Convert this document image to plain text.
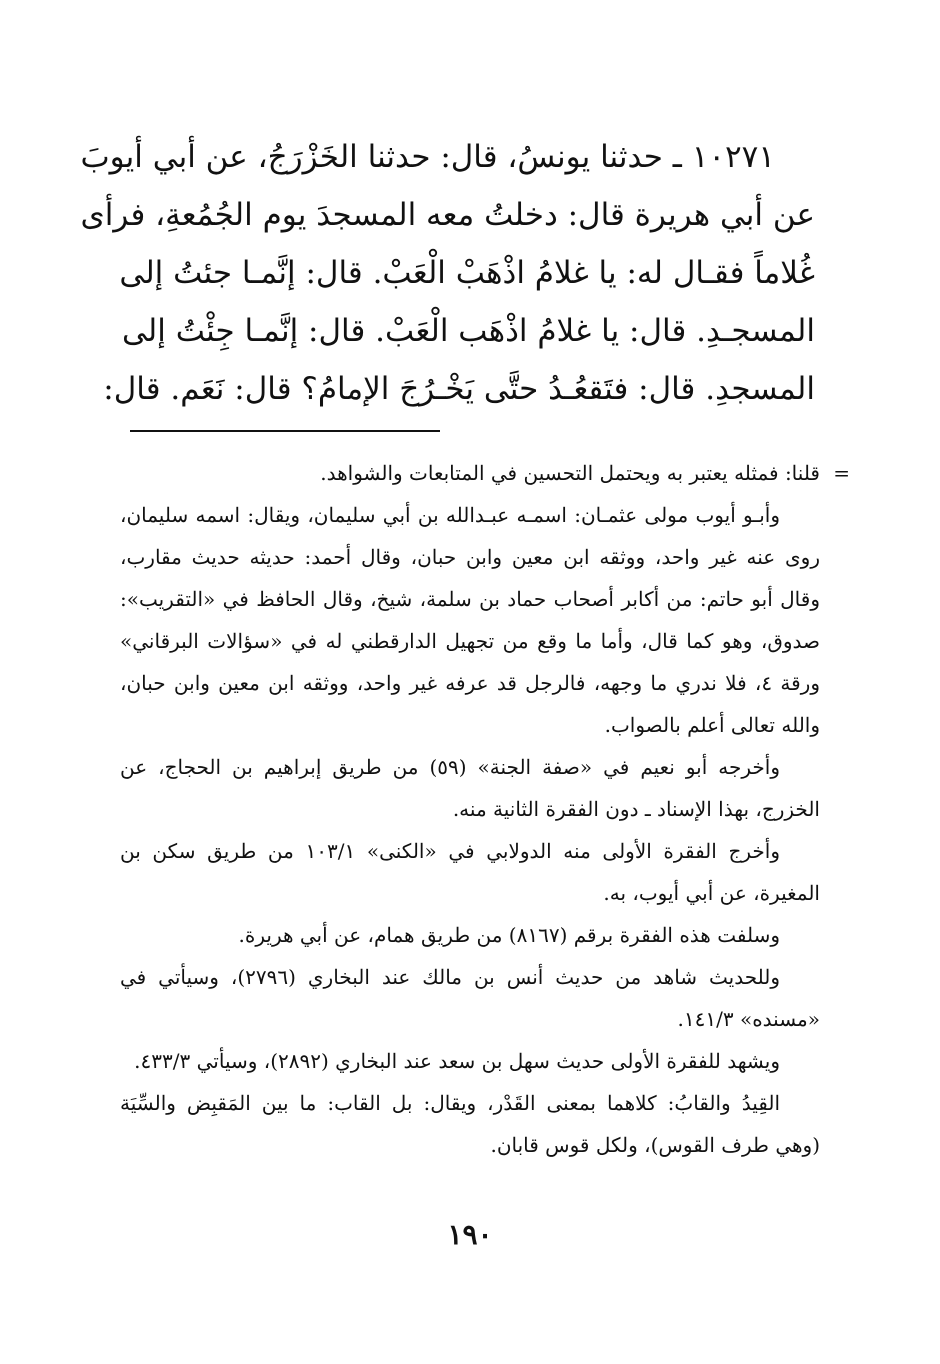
١٠٢٧١ ـ حدثنا يونسُ، قال: حدثنا الخَزْرَجُ، عن أبي أيوبَ
عن أبي هريرة قال: دخلتُ معه المسجدَ يوم الجُمُعةِ، فرأى
غُلاماً فقـال له: يا غلامُ اذْهَبْ الْعَبْ. قال: إنَّمـا جئتُ إلى
المسجـدِ. قال: يا غلامُ اذْهَب الْعَبْ. قال: إنَّمـا جِئْتُ إلى
المسجدِ. قال: فتَقعُـدُ حتَّى يَخْـرُجَ الإمامُ؟ قال: نَعَم. قال:
=

قلنا: فمثله يعتبر به ويحتمل التحسين في المتابعات والشواهد.

وأبـو أيوب مولى عثمـان: اسمـه عبـدالله بن أبي سليمان، ويقال: اسمه سليمان، روى عنه غير واحد، ووثقه ابن معين وابن حبان، وقال أحمد: حديثه حديث مقارب، وقال أبو حاتم: من أكابر أصحاب حماد بن سلمة، شيخ، وقال الحافظ في «التقريب»: صدوق، وهو كما قال، وأما ما وقع من تجهيل الدارقطني له في «سؤالات البرقاني» ورقة ٤، فلا ندري ما وجهه، فالرجل قد عرفه غير واحد، ووثقه ابن معين وابن حبان، والله تعالى أعلم بالصواب.

وأخرجه أبو نعيم في «صفة الجنة» (٥٩) من طريق إبراهيم بن الحجاج، عن الخزرج، بهذا الإسناد ـ دون الفقرة الثانية منه.

وأخرج الفقرة الأولى منه الدولابي في «الكنى» ١٠٣/١ من طريق سكن بن المغيرة، عن أبي أيوب، به.

وسلفت هذه الفقرة برقم (٨١٦٧) من طريق همام، عن أبي هريرة.

وللحديث شاهد من حديث أنس بن مالك عند البخاري (٢٧٩٦)، وسيأتي في «مسنده» ١٤١/٣.

ويشهد للفقرة الأولى حديث سهل بن سعد عند البخاري (٢٨٩٢)، وسيأتي ٤٣٣/٣.

القِيدُ والقابُ: كلاهما بمعنى القَدْر، ويقال: بل القاب: ما بين المَقبِض والسِّيَة (وهي طرف القوس)، ولكل قوس قابان.

١٩٠
